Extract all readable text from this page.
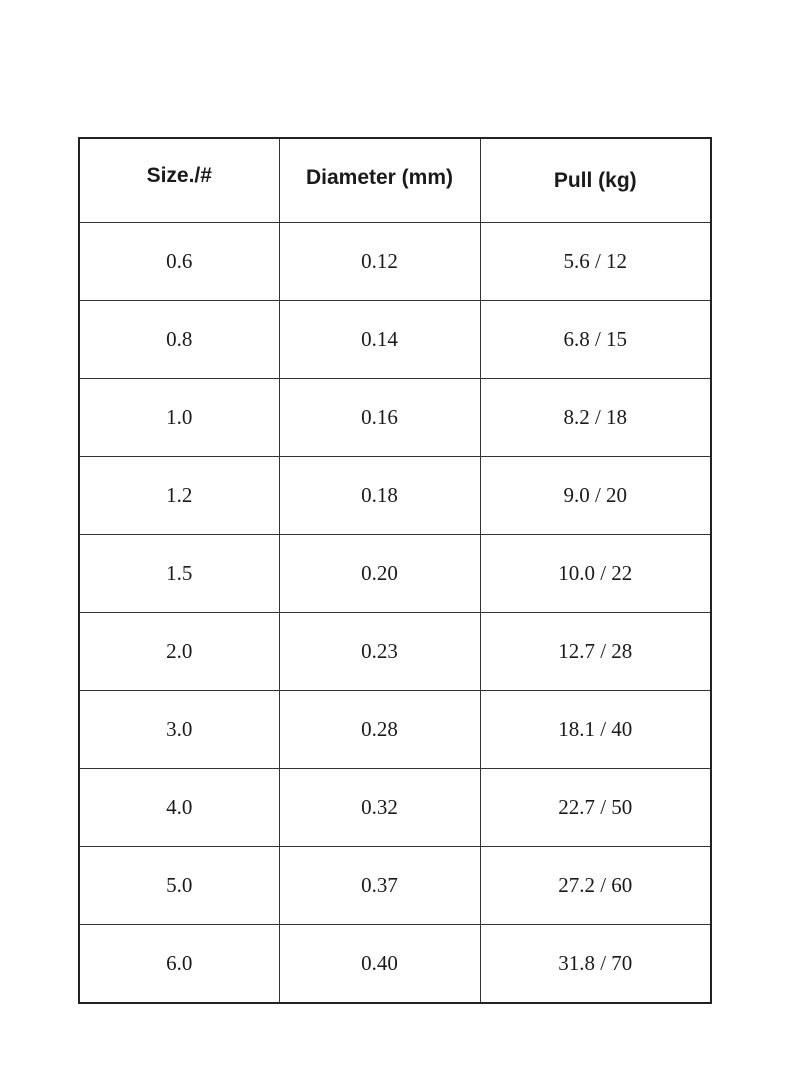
Size./#	Diameter (mm)	Pull (kg)
0.6	0.12	5.6 / 12
0.8	0.14	6.8 / 15
1.0	0.16	8.2 / 18
1.2	0.18	9.0 / 20
1.5	0.20	10.0 / 22
2.0	0.23	12.7 / 28
3.0	0.28	18.1 / 40
4.0	0.32	22.7 / 50
5.0	0.37	27.2 / 60
6.0	0.40	31.8 / 70
